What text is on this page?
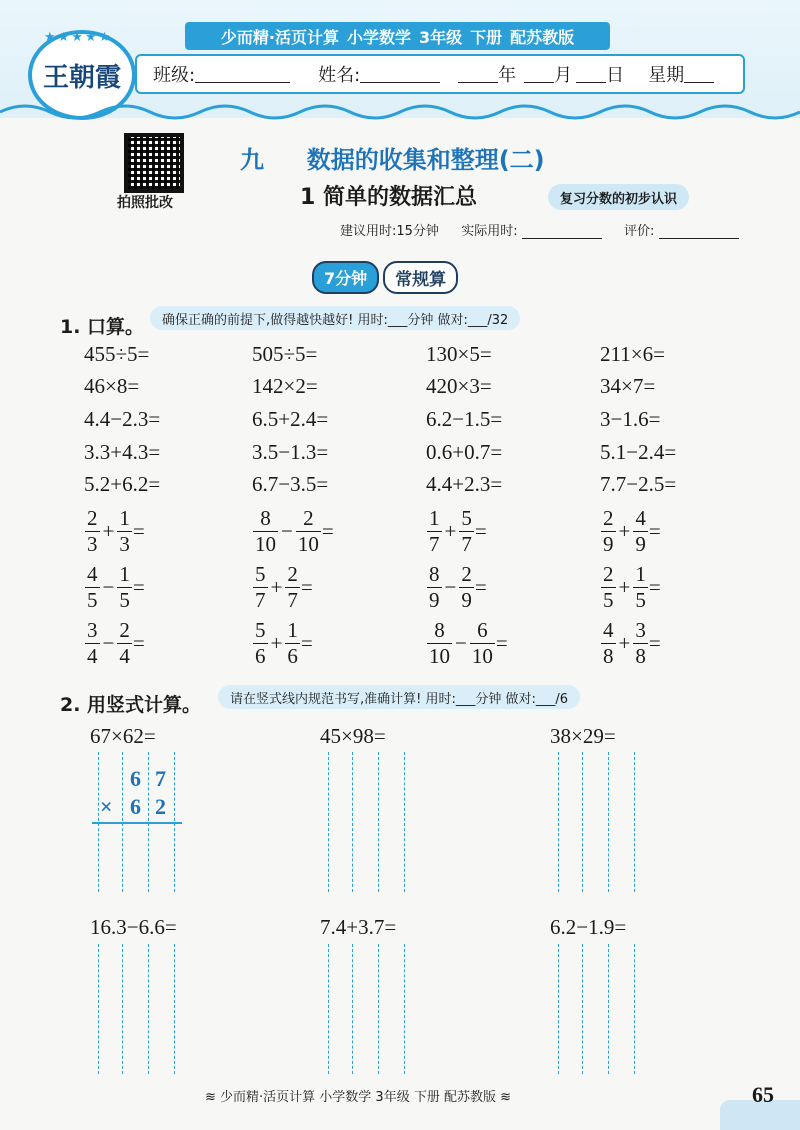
少而精·活页计算 小学数学 3年级 下册 配苏教版
王朝霞
★★★★★
班级:	姓名:	年 月 日 星期
拍照批改
九 数据的收集和整理(二)
1 简单的数据汇总	复习分数的初步认识
建议用时:15分钟 实际用时:	评价:
7分钟	常规算
1. 口算。	确保正确的前提下,做得越快越好! 用时:___分钟 做对:___/32
455÷5=	505÷5=	130×5=	211×6=
46×8=	142×2=	420×3=	34×7=
4.4−2.3=	6.5+2.4=	6.2−1.5=	3−1.6=
3.3+4.3=	3.5−1.3=	0.6+0.7=	5.1−2.4=
5.2+6.2=	6.7−3.5=	4.4+2.3=	7.7−2.5=
$\frac{2}{3} + \frac{1}{3}$ =	$\frac{8}{10} - \frac{2}{10}$ =	$\frac{1}{7} + \frac{5}{7}$ =	$\frac{2}{9} + \frac{4}{9}$ =
$\frac{4}{5} - \frac{1}{5}$ =	$\frac{5}{7} + \frac{2}{7}$ =	$\frac{8}{9} - \frac{2}{9}$ =	$\frac{2}{5} + \frac{1}{5}$ =
$\frac{3}{4} - \frac{2}{4}$ =	$\frac{5}{6} + \frac{1}{6}$ =	$\frac{8}{10} - \frac{6}{10}$ =	$\frac{4}{8} + \frac{3}{8}$ =
2. 用竖式计算。	请在竖式线内规范书写,准确计算! 用时:___分钟 做对:___/6
67×62=	45×98=	38×29=
16.3−6.6=	7.4+3.7=	6.2−1.9=
6 7
× 6 2
≋ 少而精·活页计算 小学数学 3年级 下册 配苏教版 ≋	65
